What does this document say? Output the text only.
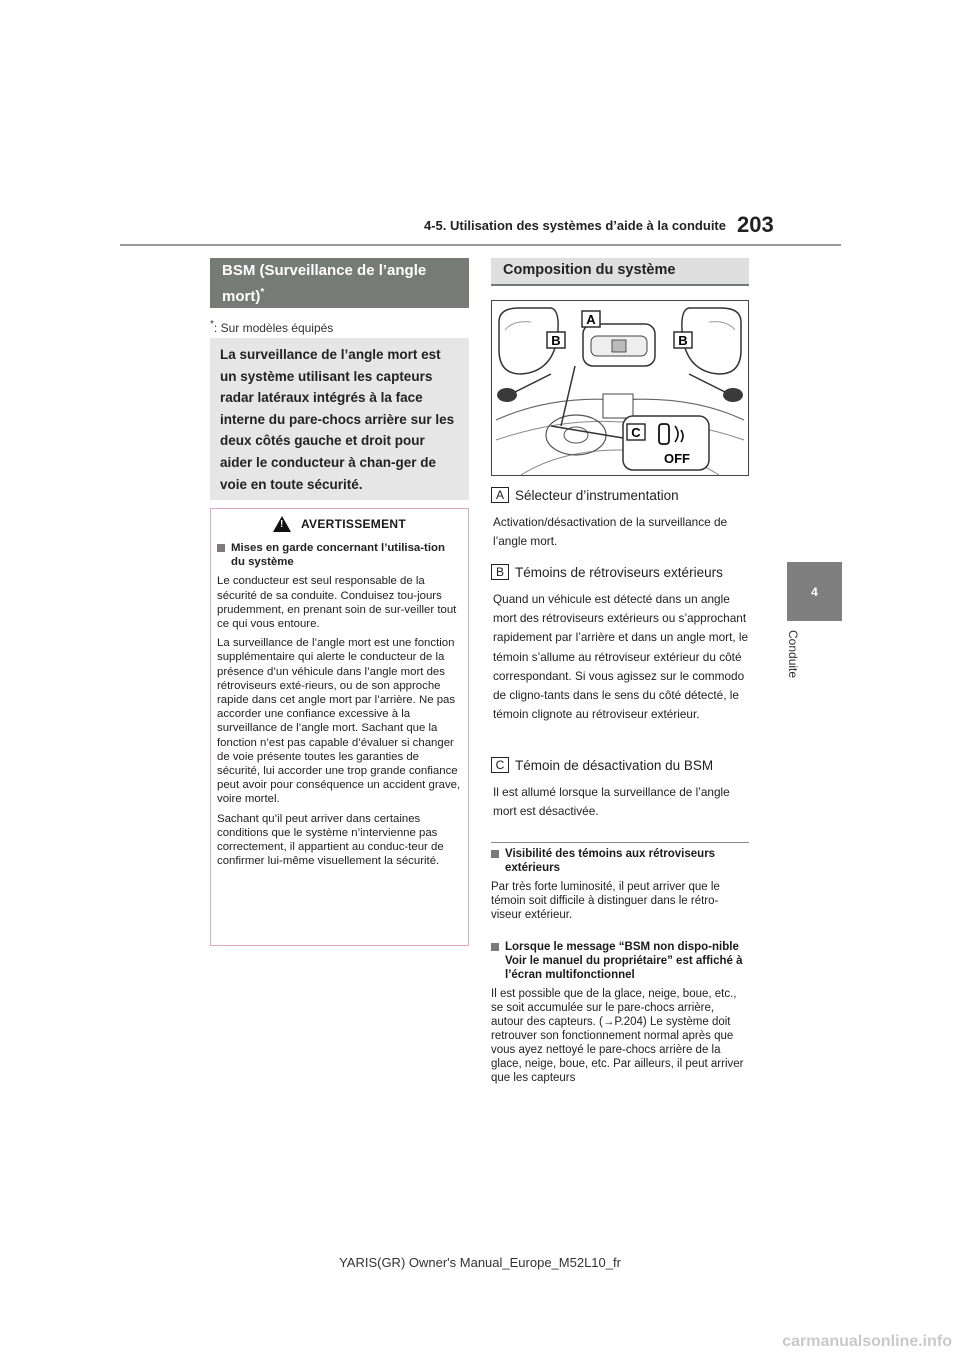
4-5. Utilisation des systèmes d’aide à la conduite 203
4
Conduite
BSM (Surveillance de l’angle mort)*
*: Sur modèles équipés
La surveillance de l’angle mort est un système utilisant les capteurs radar latéraux intégrés à la face interne du pare-chocs arrière sur les deux côtés gauche et droit pour aider le conducteur à chan-ger de voie en toute sécurité.
! AVERTISSEMENT
Mises en garde concernant l’utilisa-tion du système

Le conducteur est seul responsable de la sécurité de sa conduite. Conduisez tou-jours prudemment, en prenant soin de sur-veiller tout ce qui vous entoure.

La surveillance de l’angle mort est une fonction supplémentaire qui alerte le conducteur de la présence d’un véhicule dans l’angle mort des rétroviseurs exté-rieurs, ou de son approche rapide dans cet angle mort par l’arrière. Ne pas accorder une confiance excessive à la surveillance de l’angle mort. Sachant que la fonction n’est pas capable d’évaluer si changer de voie présente toutes les garanties de sécurité, lui accorder une trop grande confiance peut avoir pour conséquence un accident grave, voire mortel.

Sachant qu’il peut arriver dans certaines conditions que le système n’intervienne pas correctement, il appartient au conduc-teur de confirmer lui-même visuellement la sécurité.

Composition du système
A
B	B
C
OFF
A Sélecteur d’instrumentation
Activation/désactivation de la surveillance de l’angle mort.
B Témoins de rétroviseurs extérieurs
Quand un véhicule est détecté dans un angle mort des rétroviseurs extérieurs ou s’approchant rapidement par l’arrière et dans un angle mort, le témoin s’allume au rétroviseur extérieur du côté correspondant. Si vous agissez sur le commodo de cligno-tants dans le sens du côté détecté, le témoin clignote au rétroviseur extérieur.
C Témoin de désactivation du BSM
Il est allumé lorsque la surveillance de l’angle mort est désactivée.
Visibilité des témoins aux rétroviseurs extérieurs
Par très forte luminosité, il peut arriver que le témoin soit difficile à distinguer dans le rétro-viseur extérieur.
Lorsque le message “BSM non dispo-nible Voir le manuel du propriétaire” est affiché à l’écran multifonctionnel
Il est possible que de la glace, neige, boue, etc., se soit accumulée sur le pare-chocs arrière, autour des capteurs. (→P.204) Le système doit retrouver son fonctionnement normal après que vous ayez nettoyé le pare-chocs arrière de la glace, neige, boue, etc. Par ailleurs, il peut arriver que les capteurs
YARIS(GR) Owner's Manual_Europe_M52L10_fr
carmanualsonline.info
